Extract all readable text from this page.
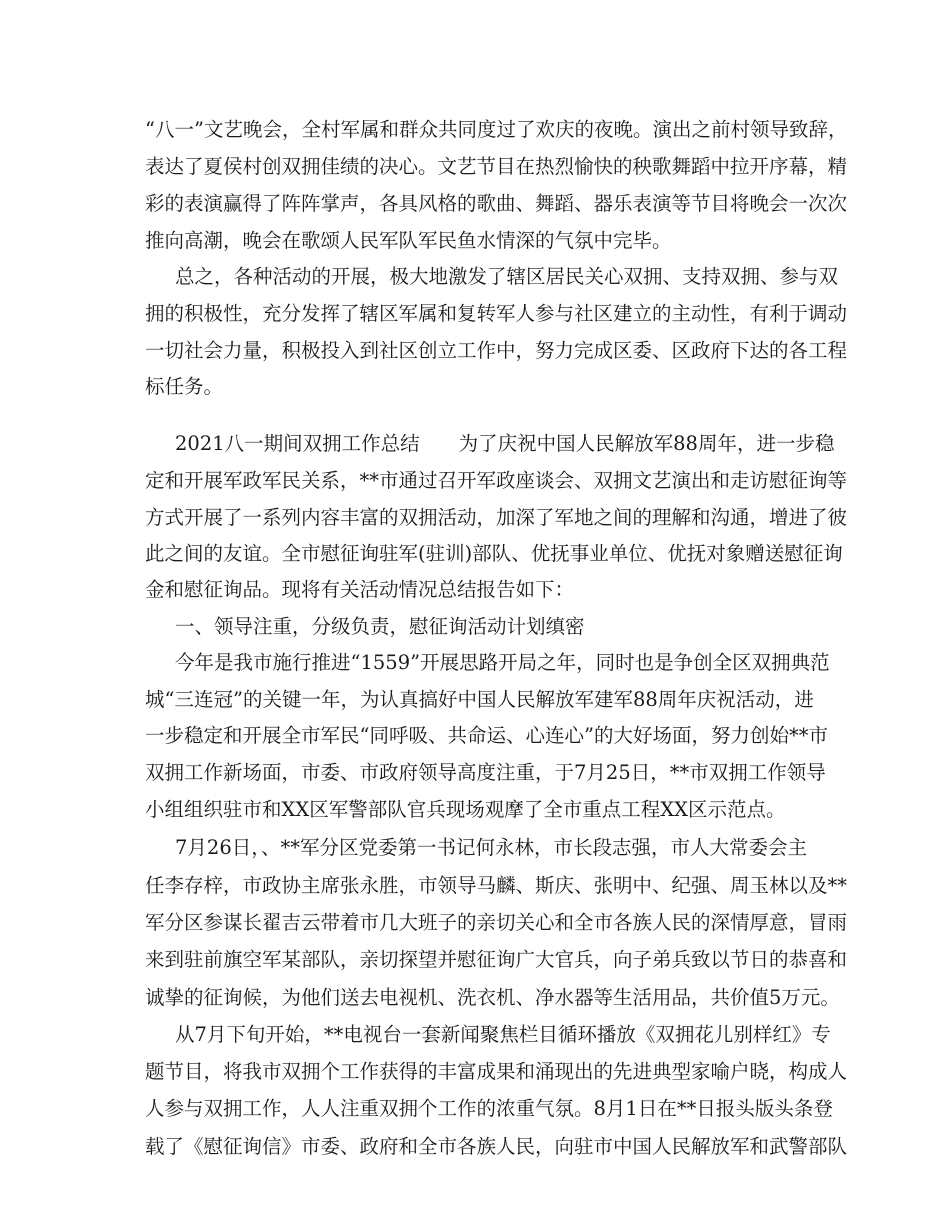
“八一”文艺晚会，全村军属和群众共同度过了欢庆的夜晚。演出之前村领导致辞，
表达了夏侯村创双拥佳绩的决心。文艺节目在热烈愉快的秧歌舞蹈中拉开序幕，精
彩的表演赢得了阵阵掌声，各具风格的歌曲、舞蹈、器乐表演等节目将晚会一次次
推向高潮，晚会在歌颂人民军队军民鱼水情深的气氛中完毕。
总之，各种活动的开展，极大地激发了辖区居民关心双拥、支持双拥、参与双
拥的积极性，充分发挥了辖区军属和复转军人参与社区建立的主动性，有利于调动
一切社会力量，积极投入到社区创立工作中，努力完成区委、区政府下达的各工程
标任务。
2021八一期间双拥工作总结　　为了庆祝中国人民解放军88周年，进一步稳
定和开展军政军民关系，**市通过召开军政座谈会、双拥文艺演出和走访慰征询等
方式开展了一系列内容丰富的双拥活动，加深了军地之间的理解和沟通，增进了彼
此之间的友谊。全市慰征询驻军(驻训)部队、优抚事业单位、优抚对象赠送慰征询
金和慰征询品。现将有关活动情况总结报告如下：
一、领导注重，分级负责，慰征询活动计划缜密
今年是我市施行推进“1559”开展思路开局之年，同时也是争创全区双拥典范
城“三连冠”的关键一年，为认真搞好中国人民解放军建军88周年庆祝活动，进
一步稳定和开展全市军民“同呼吸、共命运、心连心”的大好场面，努力创始**市
双拥工作新场面，市委、市政府领导高度注重，于7月25日，**市双拥工作领导
小组组织驻市和XX区军警部队官兵现场观摩了全市重点工程XX区示范点。
7月26日，、**军分区党委第一书记何永林，市长段志强，市人大常委会主
任李存梓，市政协主席张永胜，市领导马麟、斯庆、张明中、纪强、周玉林以及**
军分区参谋长翟吉云带着市几大班子的亲切关心和全市各族人民的深情厚意，冒雨
来到驻前旗空军某部队，亲切探望并慰征询广大官兵，向子弟兵致以节日的恭喜和
诚挚的征询候，为他们送去电视机、洗衣机、净水器等生活用品，共价值5万元。
从7月下旬开始，**电视台一套新闻聚焦栏目循环播放《双拥花儿别样红》专
题节目，将我市双拥个工作获得的丰富成果和涌现出的先进典型家喻户晓，构成人
人参与双拥工作，人人注重双拥个工作的浓重气氛。8月1日在**日报头版头条登
载了《慰征询信》市委、政府和全市各族人民，向驻市中国人民解放军和武警部队
